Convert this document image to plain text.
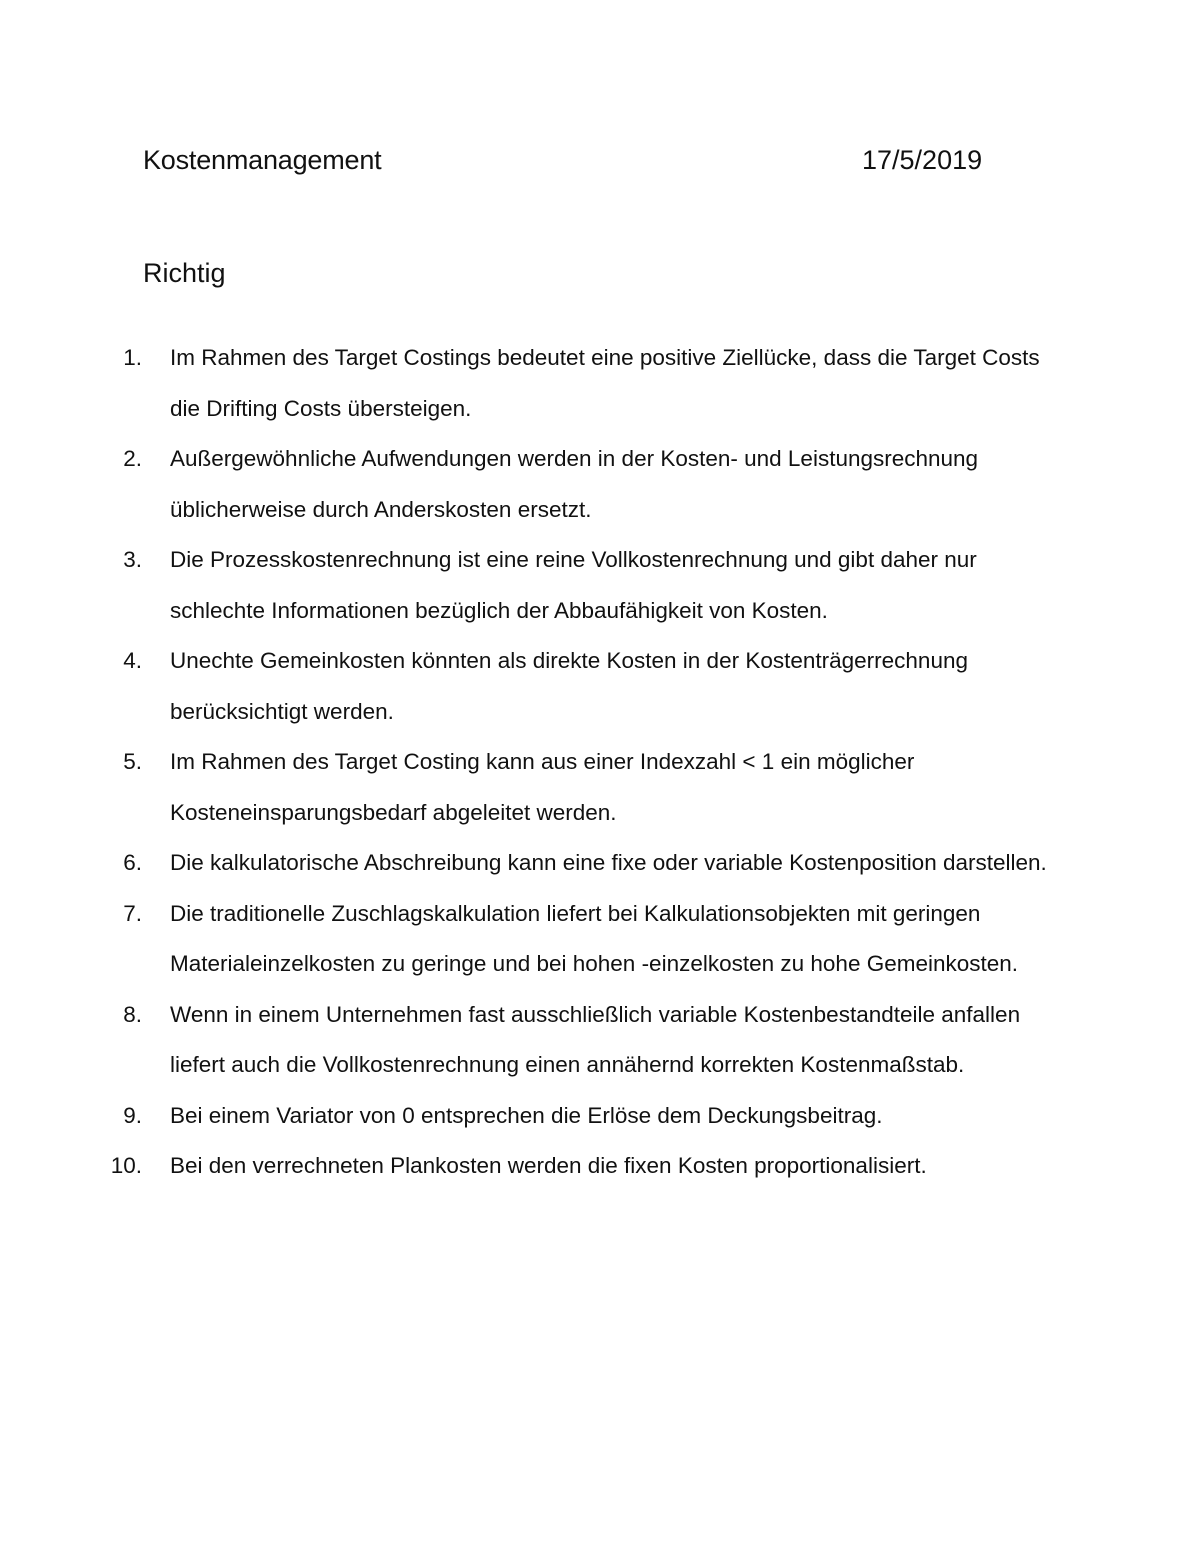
Kostenmanagement	17/5/2019
Richtig
1. Im Rahmen des Target Costings bedeutet eine positive Ziellücke, dass die Target Costs die Drifting Costs übersteigen.
2. Außergewöhnliche Aufwendungen werden in der Kosten- und Leistungsrechnung üblicherweise durch Anderskosten ersetzt.
3. Die Prozesskostenrechnung ist eine reine Vollkostenrechnung und gibt daher nur schlechte Informationen bezüglich der Abbaufähigkeit von Kosten.
4. Unechte Gemeinkosten könnten als direkte Kosten in der Kostenträgerrechnung berücksichtigt werden.
5. Im Rahmen des Target Costing kann aus einer Indexzahl < 1 ein möglicher Kosteneinsparungsbedarf abgeleitet werden.
6. Die kalkulatorische Abschreibung kann eine fixe oder variable Kostenposition darstellen.
7. Die traditionelle Zuschlagskalkulation liefert bei Kalkulationsobjekten mit geringen Materialeinzelkosten zu geringe und bei hohen -einzelkosten zu hohe Gemeinkosten.
8. Wenn in einem Unternehmen fast ausschließlich variable Kostenbestandteile anfallen liefert auch die Vollkostenrechnung einen annähernd korrekten Kostenmaßstab.
9. Bei einem Variator von 0 entsprechen die Erlöse dem Deckungsbeitrag.
10. Bei den verrechneten Plankosten werden die fixen Kosten proportionalisiert.
